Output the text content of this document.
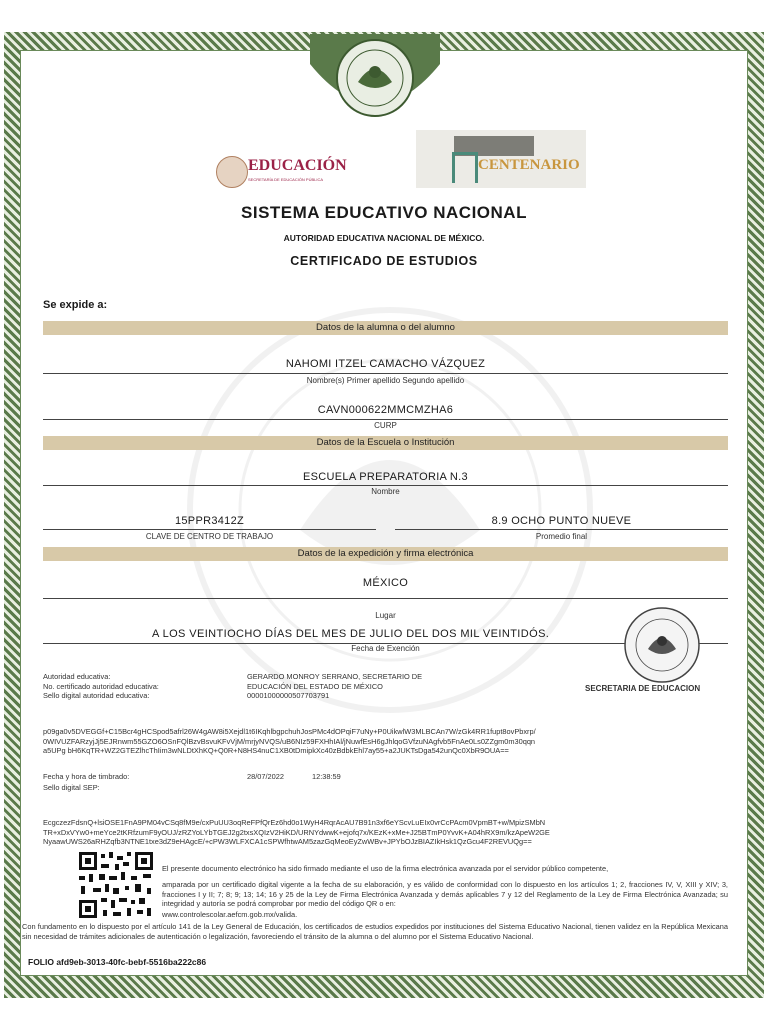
EDUCACIÓN
SECRETARÍA DE EDUCACIÓN PÚBLICA
CENTENARIO
SISTEMA EDUCATIVO NACIONAL
AUTORIDAD EDUCATIVA NACIONAL DE MÉXICO.
CERTIFICADO DE ESTUDIOS
Se expide a:
Datos de la alumna o del alumno
NAHOMI ITZEL CAMACHO VÁZQUEZ
Nombre(s) Primer apellido Segundo apellido
CAVN000622MMCMZHA6
CURP
Datos de la Escuela o Institución
ESCUELA PREPARATORIA N.3
Nombre
15PPR3412Z
CLAVE DE CENTRO DE TRABAJO
8.9 OCHO PUNTO NUEVE
Promedio final
Datos de la expedición y firma electrónica
MÉXICO
Lugar
A LOS VEINTIOCHO DÍAS DEL MES DE JULIO DEL DOS MIL VEINTIDÓS.
Fecha de Exención
Autoridad educativa:
No. certificado autoridad educativa:
Sello digital autoridad educativa:
GERARDO MONROY SERRANO, SECRETARIO DE
EDUCACIÓN DEL ESTADO DE MÉXICO
00001000000507703791
SECRETARIA DE EDUCACION
p09ga0v5DVEGGf+C15Bcr4gHCSpod5afrl26W4gAW8i5Xejdl1t6IKqhlbgpchuhJosPMc4dOPqiF7uNy+P0UikwlW3MLBCAn7W/zGk4RR1fupt8ovPbxrp/
0WIVUZFARzyjJj5EJRnwm55GZO6OSnFQlBzvBsvuKFvVjM/mrjyNVQS/uB6NIz59FXHhIAl/jNuwfEsH6gJhlqoGVfzuNAgfvb5FnAe0Ls0ZZgm0m30qqn
a5UPg bH6KqTR+WZ2GTEZlhcThIim3wNLDtXhKQ+Q0R+N8HS4nuC1XB0tDmipkXc40zBdbkEhl7ay55+a2JUKTsDga542unQc0XbR9OUA==
Fecha y hora de timbrado:	28/07/2022	12:38:59
Sello digital SEP:
EcgczezFdsnQ+lsiOSE1FnA9PM04vCSq8fM9e/cxPuUU3oqReFPfQrEz6hd0o1WyH4RqrAcAU7B91n3xf6eYScvLuEIx0vrCcPAcm0VpmBT+w/MpizSMbN
TR+xDxVYw0+meYce2tKRfzumF9yOUJ/zRZYoLYbTGEJ2g2txsXQIzV2HiKD/URNYdwwK+ejofq7x/KEzK+xMe+J25BTmP0YvvK+A04hRX9m/kzApeW2GE
NyaawUWS26aRHZqfb3NTNE1txe3dZ9eHAgcE/+cPW3WLFXCA1cSPWfhtwAM5zazGqMeoEyZwWBv+JPYbOJzBIAZIkHsk1QzGcu4F2REVUQg==
El presente documento electrónico ha sido firmado mediante el uso de la firma electrónica avanzada por el servidor público competente,
amparada por un certificado digital vigente a la fecha de su elaboración, y es válido de conformidad con lo dispuesto en los artículos 1; 2, fracciones IV, V, XIII y XIV; 3, fracciones I y II; 7; 8; 9; 13; 14; 16 y 25 de la Ley de Firma Electrónica Avanzada y demás aplicables 7 y 12 del Reglamento de la Ley de Firma Electrónica Avanzada; su integridad y autoría se podrá comprobar por medio del código QR o en:
www.controlescolar.aefcm.gob.mx/valida.
Con fundamento en lo dispuesto por el artículo 141 de la Ley General de Educación, los certificados de estudios expedidos por instituciones del Sistema Educativo Nacional, tienen validez en la República Mexicana sin necesidad de trámites adicionales de autenticación o legalización, favoreciendo el tránsito de la alumna o del alumno por el Sistema Educativo Nacional.
FOLIO afd9eb-3013-40fc-bebf-5516ba222c86
